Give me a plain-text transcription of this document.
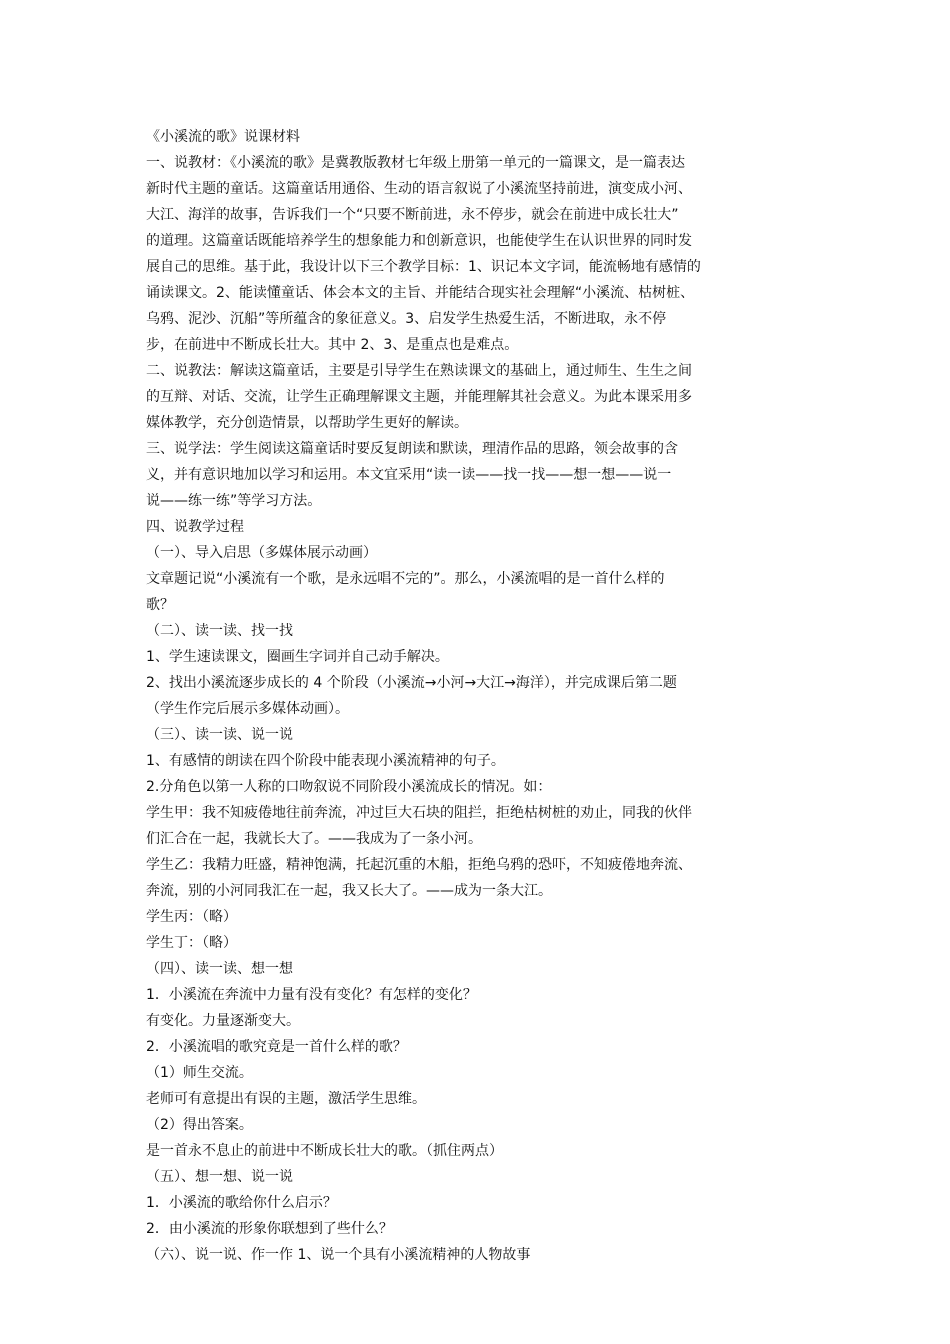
《小溪流的歌》说课材料
一、说教材：《小溪流的歌》是冀教版教材七年级上册第一单元的一篇课文，是一篇表达
新时代主题的童话。这篇童话用通俗、生动的语言叙说了小溪流坚持前进，演变成小河、
大江、海洋的故事，告诉我们一个“只要不断前进，永不停步，就会在前进中成长壮大”
的道理。这篇童话既能培养学生的想象能力和创新意识，也能使学生在认识世界的同时发
展自己的思维。基于此，我设计以下三个教学目标：1、识记本文字词，能流畅地有感情的
诵读课文。2、能读懂童话、体会本文的主旨、并能结合现实社会理解“小溪流、枯树桩、
乌鸦、泥沙、沉船”等所蕴含的象征意义。3、启发学生热爱生活，不断进取，永不停
步，在前进中不断成长壮大。其中 2、3、是重点也是难点。
二、说教法：解读这篇童话，主要是引导学生在熟读课文的基础上，通过师生、生生之间
的互辩、对话、交流，让学生正确理解课文主题，并能理解其社会意义。为此本课采用多
媒体教学，充分创造情景，以帮助学生更好的解读。
三、说学法：学生阅读这篇童话时要反复朗读和默读，理清作品的思路，领会故事的含
义，并有意识地加以学习和运用。本文宜采用“读一读——找一找——想一想——说一
说——练一练”等学习方法。
四、说教学过程
（一）、导入启思（多媒体展示动画）
文章题记说“小溪流有一个歌，是永远唱不完的”。那么，小溪流唱的是一首什么样的
歌？
（二）、读一读、找一找
1、学生速读课文，圈画生字词并自己动手解决。
2、找出小溪流逐步成长的 4 个阶段（小溪流→小河→大江→海洋），并完成课后第二题
（学生作完后展示多媒体动画）。
（三）、读一读、说一说
1、有感情的朗读在四个阶段中能表现小溪流精神的句子。
2.分角色以第一人称的口吻叙说不同阶段小溪流成长的情况。如：
学生甲：我不知疲倦地往前奔流，冲过巨大石块的阻拦，拒绝枯树桩的劝止，同我的伙伴
们汇合在一起，我就长大了。——我成为了一条小河。
学生乙：我精力旺盛，精神饱满，托起沉重的木船，拒绝乌鸦的恐吓，不知疲倦地奔流、
奔流，别的小河同我汇在一起，我又长大了。——成为一条大江。
学生丙：（略）
学生丁：（略）
（四）、读一读、想一想
1．小溪流在奔流中力量有没有变化？有怎样的变化？
有变化。力量逐渐变大。
2．小溪流唱的歌究竟是一首什么样的歌？
（1）师生交流。
老师可有意提出有误的主题，激活学生思维。
（2）得出答案。
是一首永不息止的前进中不断成长壮大的歌。（抓住两点）
（五）、想一想、说一说
1．小溪流的歌给你什么启示？
2．由小溪流的形象你联想到了些什么？
（六）、说一说、作一作 1、说一个具有小溪流精神的人物故事
